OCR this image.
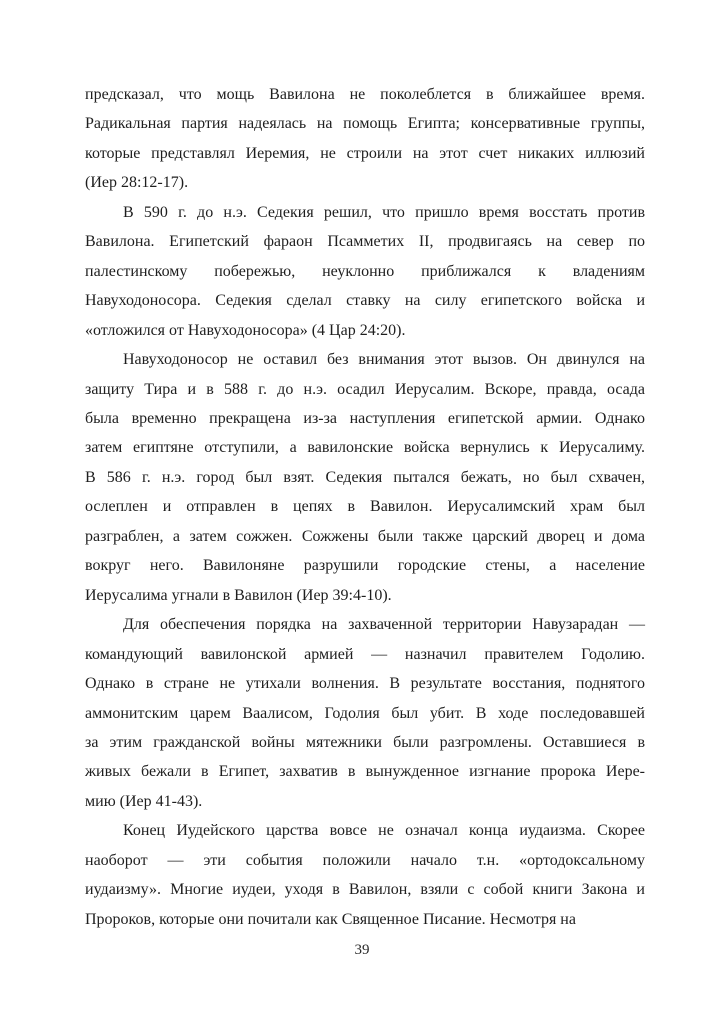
предсказал, что мощь Вавилона не поколеблется в ближайшее время.
Радикальная партия надеялась на помощь Египта; консервативные группы,
которые представлял Иеремия, не строили на этот счет никаких иллюзий
(Иер 28:12-17).
В 590 г. до н.э. Седекия решил, что пришло время восстать против
Вавилона. Египетский фараон Псамметих II, продвигаясь на север по
палестинскому побережью, неуклонно приближался к владениям
Навуходоносора. Седекия сделал ставку на силу египетского войска и
«отложился от Навуходоносора» (4 Цар 24:20).
Навуходоносор не оставил без внимания этот вызов. Он двинулся на
защиту Тира и в 588 г. до н.э. осадил Иерусалим. Вскоре, правда, осада
была временно прекращена из-за наступления египетской армии. Однако
затем египтяне отступили, а вавилонские войска вернулись к Иерусалиму.
В 586 г. н.э. город был взят. Седекия пытался бежать, но был схвачен,
ослеплен и отправлен в цепях в Вавилон. Иерусалимский храм был
разграблен, а затем сожжен. Сожжены были также царский дворец и дома
вокруг него. Вавилоняне разрушили городские стены, а население
Иерусалима угнали в Вавилон (Иер 39:4-10).
Для обеспечения порядка на захваченной территории Навузарадан —
командующий вавилонской армией — назначил правителем Годолию.
Однако в стране не утихали волнения. В результате восстания, поднятого
аммонитским царем Ваалисом, Годолия был убит. В ходе последовавшей
за этим гражданской войны мятежники были разгромлены. Оставшиеся в
живых бежали в Египет, захватив в вынужденное изгнание пророка Иере-
мию (Иер 41-43).
Конец Иудейского царства вовсе не означал конца иудаизма. Скорее
наоборот — эти события положили начало т.н. «ортодоксальному
иудаизму». Многие иудеи, уходя в Вавилон, взяли с собой книги Закона и
Пророков, которые они почитали как Священное Писание. Несмотря на
39
